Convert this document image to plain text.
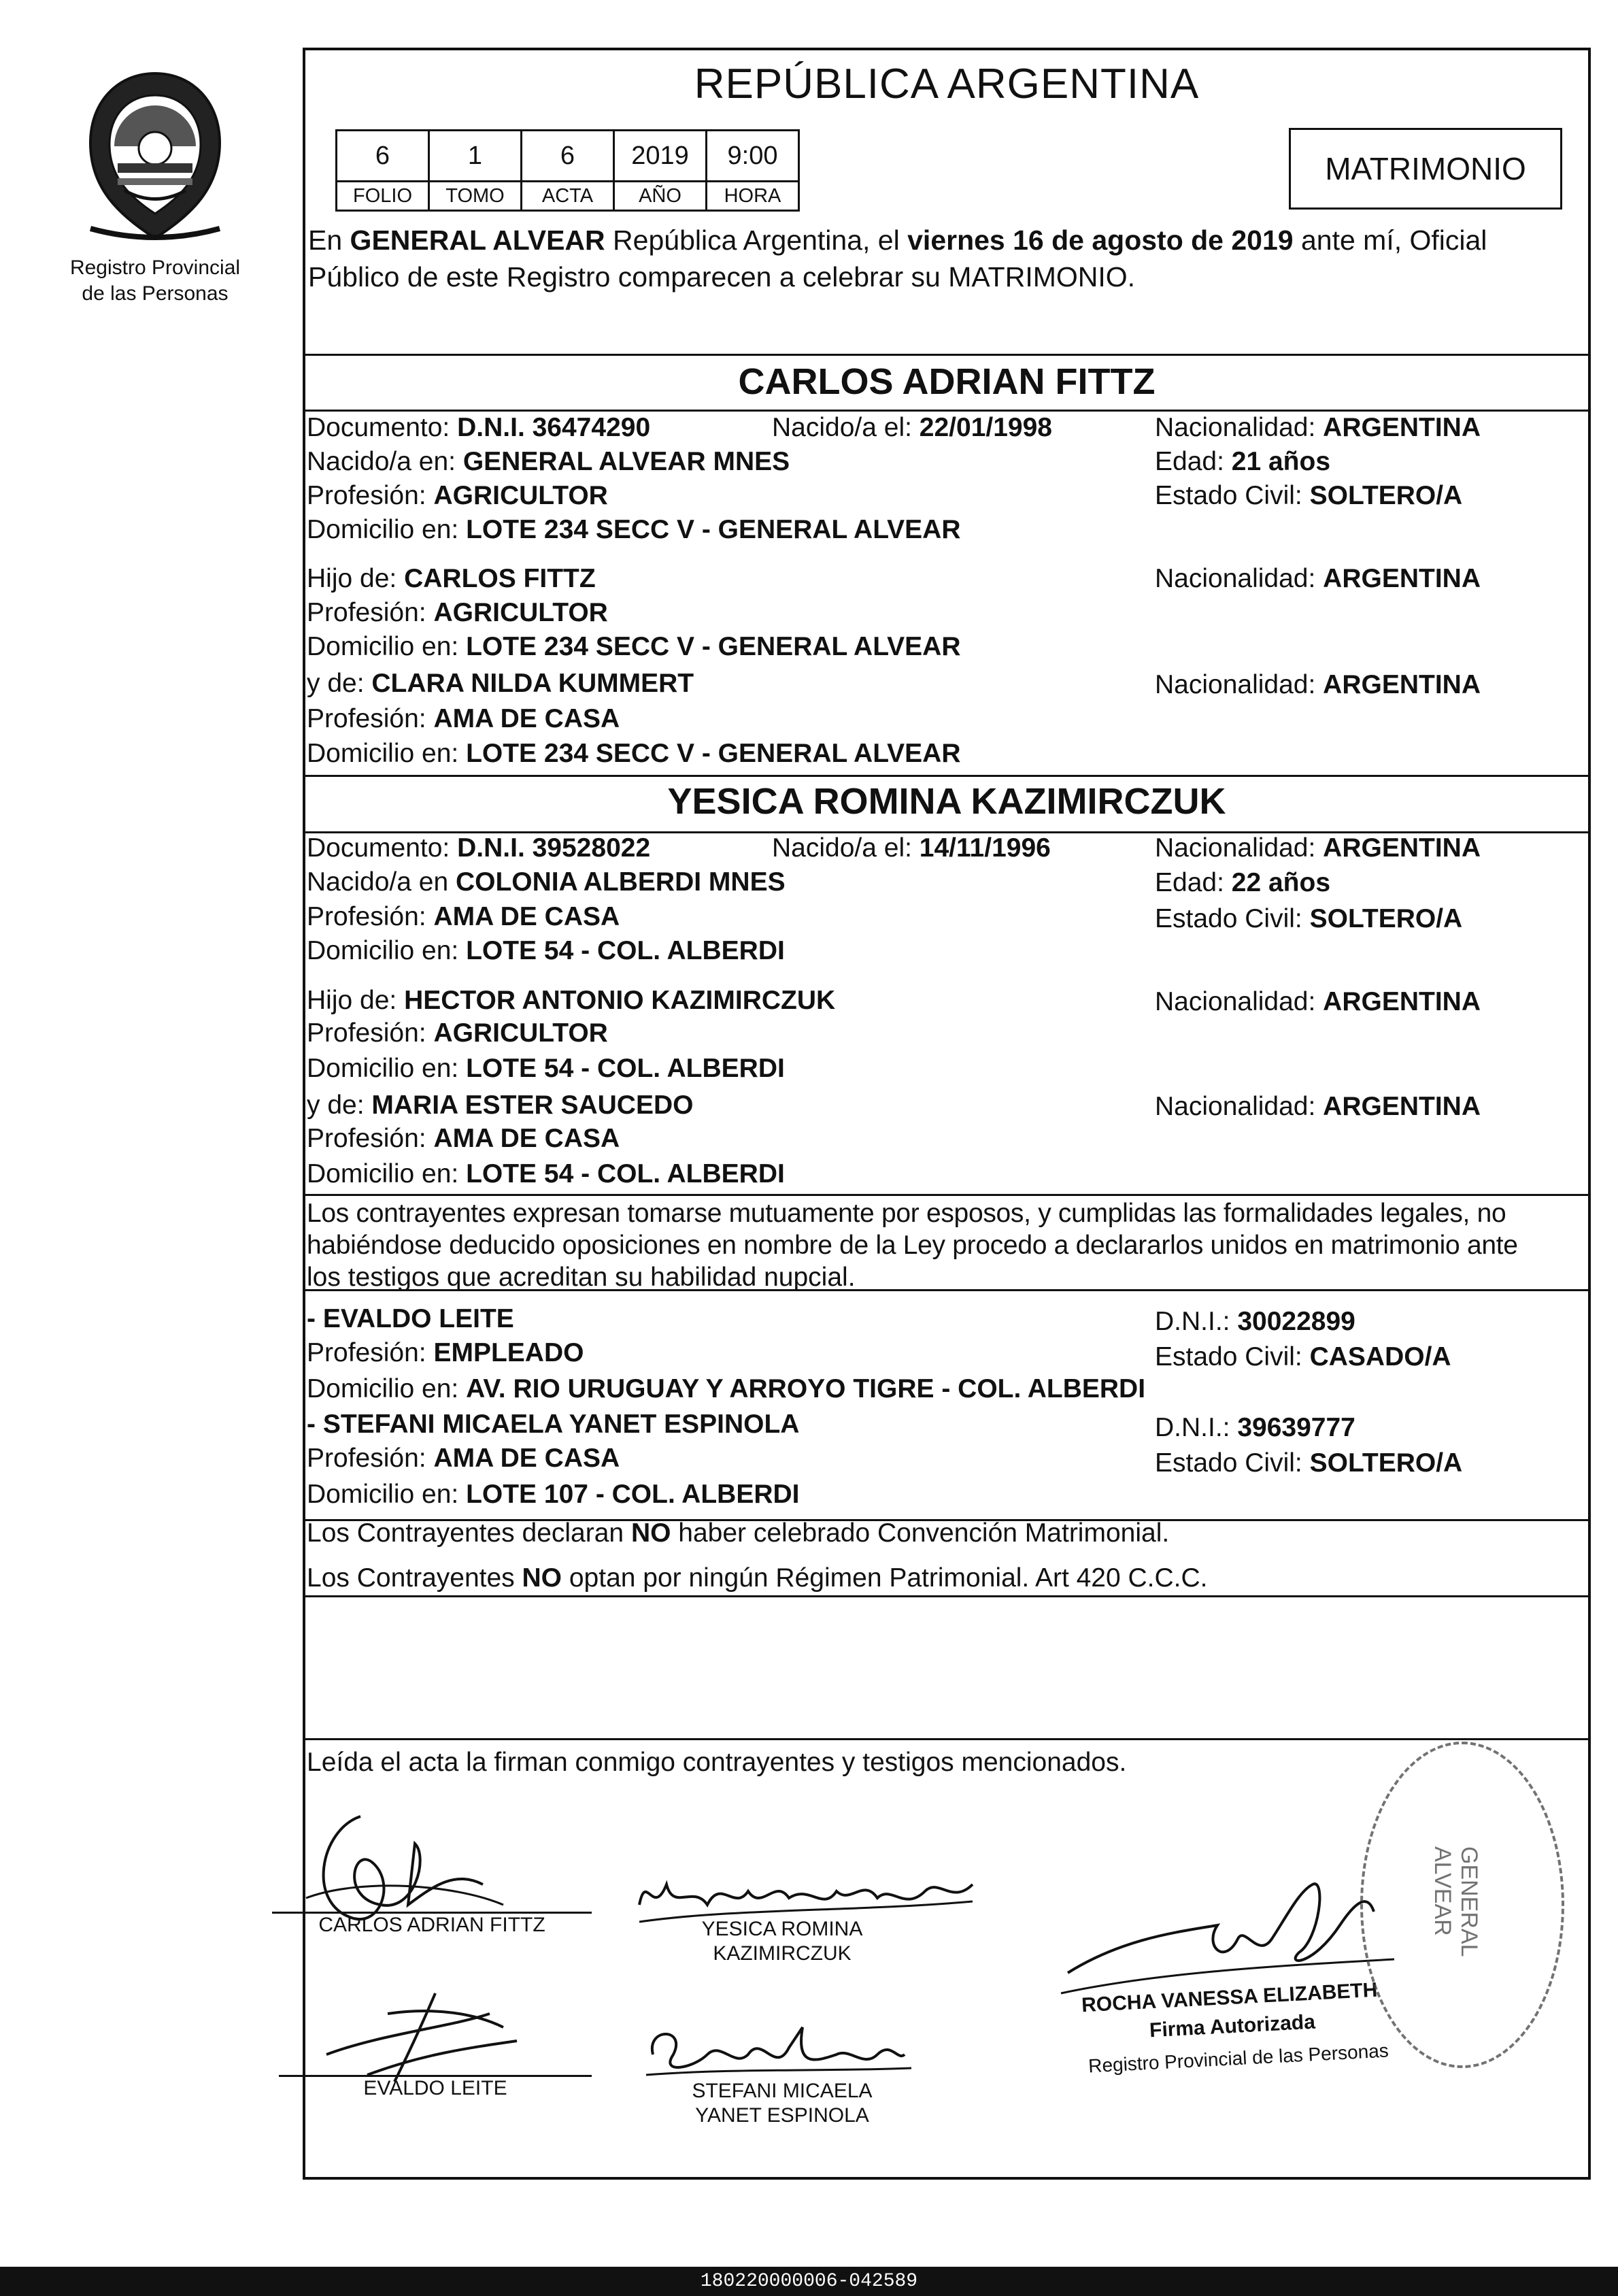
Registro Provincial
de las Personas
REPÚBLICA ARGENTINA
6	1	6	2019	9:00
FOLIO	TOMO	ACTA	AÑO	HORA
MATRIMONIO
En GENERAL ALVEAR República Argentina, el viernes 16 de agosto de 2019 ante mí, Oficial
Público de este Registro comparecen a celebrar su MATRIMONIO.
CARLOS ADRIAN FITTZ
Documento: D.N.I. 36474290	Nacido/a el: 22/01/1998	Nacionalidad: ARGENTINA
Nacido/a en: GENERAL ALVEAR MNES	Edad: 21 años
Profesión: AGRICULTOR	Estado Civil: SOLTERO/A
Domicilio en: LOTE 234 SECC V - GENERAL ALVEAR
Hijo de: CARLOS FITTZ	Nacionalidad: ARGENTINA
Profesión: AGRICULTOR
Domicilio en: LOTE 234 SECC V - GENERAL ALVEAR
y de: CLARA NILDA KUMMERT	Nacionalidad: ARGENTINA
Profesión: AMA DE CASA
Domicilio en: LOTE 234 SECC V - GENERAL ALVEAR
YESICA ROMINA KAZIMIRCZUK
Documento: D.N.I. 39528022	Nacido/a el: 14/11/1996	Nacionalidad: ARGENTINA
Nacido/a en COLONIA ALBERDI MNES	Edad: 22 años
Profesión: AMA DE CASA	Estado Civil: SOLTERO/A
Domicilio en: LOTE 54 - COL. ALBERDI
Hijo de: HECTOR ANTONIO KAZIMIRCZUK	Nacionalidad: ARGENTINA
Profesión: AGRICULTOR
Domicilio en: LOTE 54 - COL. ALBERDI
y de: MARIA ESTER SAUCEDO	Nacionalidad: ARGENTINA
Profesión: AMA DE CASA
Domicilio en: LOTE 54 - COL. ALBERDI
Los contrayentes expresan tomarse mutuamente por esposos, y cumplidas las formalidades legales, no
habiéndose deducido oposiciones en nombre de la Ley procedo a declararlos unidos en matrimonio ante
los testigos que acreditan su habilidad nupcial.
- EVALDO LEITE	D.N.I.: 30022899
Profesión: EMPLEADO	Estado Civil: CASADO/A
Domicilio en: AV. RIO URUGUAY Y ARROYO TIGRE - COL. ALBERDI
- STEFANI MICAELA YANET ESPINOLA	D.N.I.: 39639777
Profesión: AMA DE CASA	Estado Civil: SOLTERO/A
Domicilio en: LOTE 107 - COL. ALBERDI
Los Contrayentes declaran NO haber celebrado Convención Matrimonial.
Los Contrayentes NO optan por ningún Régimen Patrimonial. Art 420 C.C.C.
Leída el acta la firman conmigo contrayentes y testigos mencionados.
CARLOS ADRIAN FITTZ	YESICA ROMINA
KAZIMIRCZUK
EVALDO LEITE	STEFANI MICAELA
YANET ESPINOLA
ROCHA VANESSA ELIZABETH
Firma Autorizada
Registro Provincial de las Personas
GENERAL ALVEAR
180220000006-042589
